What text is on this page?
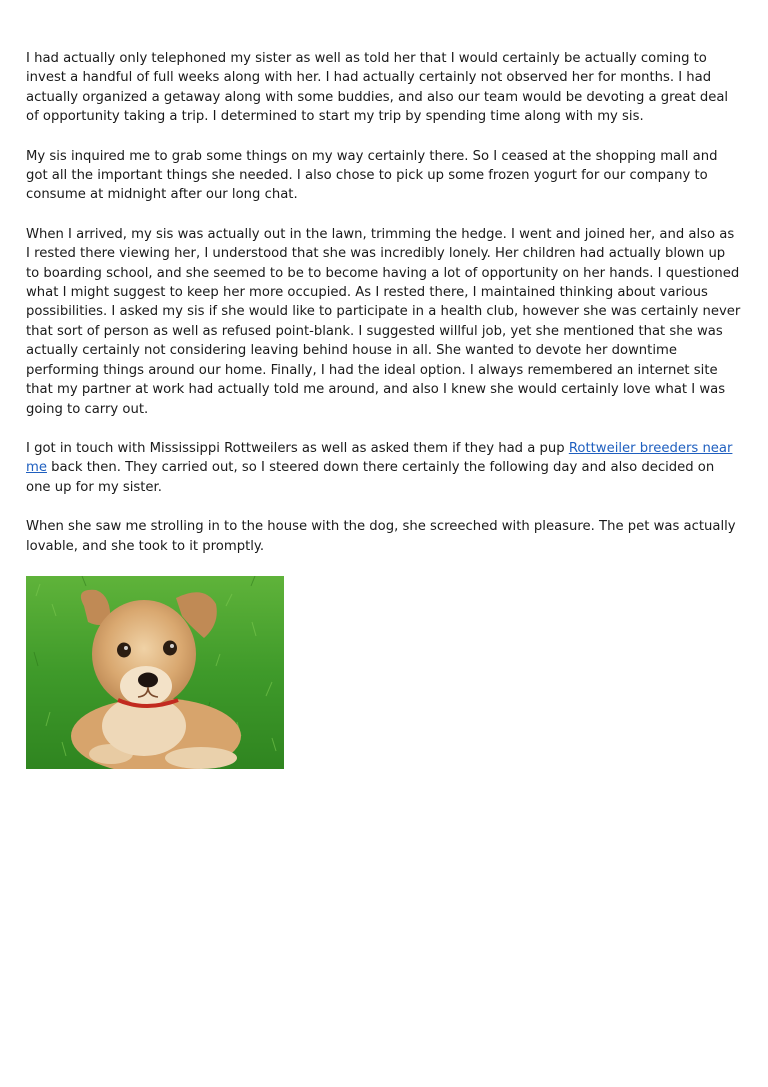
I had actually only telephoned my sister as well as told her that I would certainly be actually coming to invest a handful of full weeks along with her. I had actually certainly not observed her for months. I had actually organized a getaway along with some buddies, and also our team would be devoting a great deal of opportunity taking a trip. I determined to start my trip by spending time along with my sis.

My sis inquired me to grab some things on my way certainly there. So I ceased at the shopping mall and got all the important things she needed. I also chose to pick up some frozen yogurt for our company to consume at midnight after our long chat.

When I arrived, my sis was actually out in the lawn, trimming the hedge. I went and joined her, and also as I rested there viewing her, I understood that she was incredibly lonely. Her children had actually blown up to boarding school, and she seemed to be to become having a lot of opportunity on her hands. I questioned what I might suggest to keep her more occupied. As I rested there, I maintained thinking about various possibilities. I asked my sis if she would like to participate in a health club, however she was certainly never that sort of person as well as refused point-blank. I suggested willful job, yet she mentioned that she was actually certainly not considering leaving behind house in all. She wanted to devote her downtime performing things around our home. Finally, I had the ideal option. I always remembered an internet site that my partner at work had actually told me around, and also I knew she would certainly love what I was going to carry out.

I got in touch with Mississippi Rottweilers as well as asked them if they had a pup Rottweiler breeders near me back then. They carried out, so I steered down there certainly the following day and also decided on one up for my sister.

When she saw me strolling in to the house with the dog, she screeched with pleasure. The pet was actually lovable, and she took to it promptly.
